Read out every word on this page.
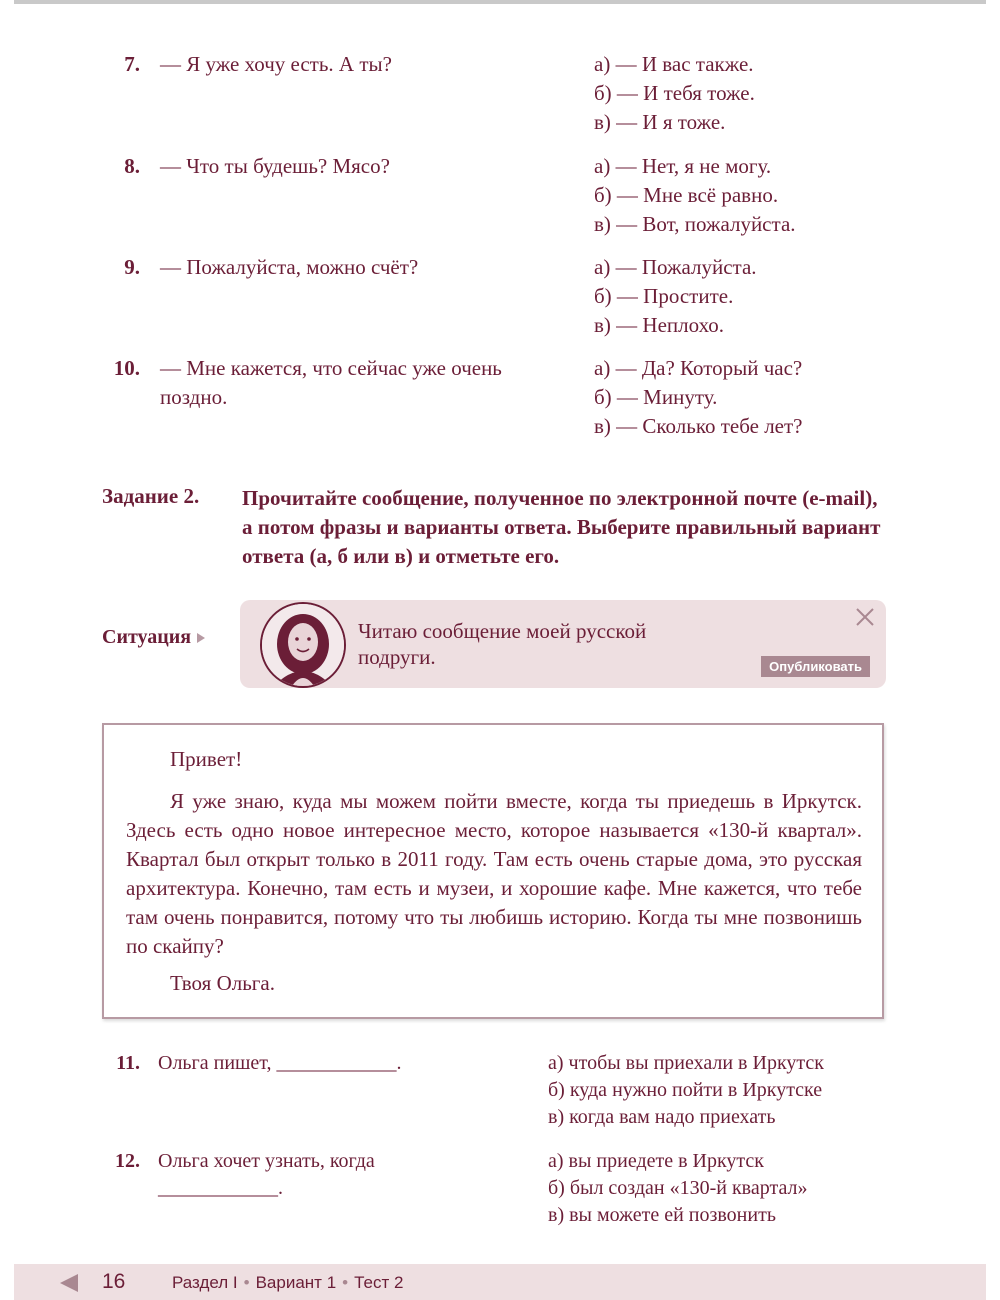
7. — Я уже хочу есть. А ты?	а) — И вас также.
б) — И тебя тоже.
в) — И я тоже.
8. — Что ты будешь? Мясо?	а) — Нет, я не могу.
б) — Мне всё равно.
в) — Вот, пожалуйста.
9. — Пожалуйста, можно счёт?	а) — Пожалуйста.
б) — Простите.
в) — Неплохо.
10. — Мне кажется, что сейчас уже очень поздно.
а) — Да? Который час?
б) — Минуту.
в) — Сколько тебе лет?
Задание 2. Прочитайте сообщение, полученное по электронной почте (e-mail), а потом фразы и варианты ответа. Выберите правильный вариант ответа (а, б или в) и отметьте его.
Ситуация	Читаю сообщение моей русской подруги.	Опубликовать
Привет!
Я уже знаю, куда мы можем пойти вместе, когда ты приедешь в Иркутск. Здесь есть одно новое интересное место, которое называется «130-й квартал». Квартал был открыт только в 2011 году. Там есть очень старые дома, это русская архитектура. Конечно, там есть и музеи, и хорошие кафе. Мне кажется, что тебе там очень понравится, потому что ты любишь историю. Когда ты мне позвонишь по скайпу?
Твоя Ольга.
11. Ольга пишет, ____________.	а) чтобы вы приехали в Иркутск
б) куда нужно пойти в Иркутске
в) когда вам надо приехать
12. Ольга хочет узнать, когда ____________.
а) вы приедете в Иркутск
б) был создан «130-й квартал»
в) вы можете ей позвонить
16	Раздел I • Вариант 1 • Тест 2
